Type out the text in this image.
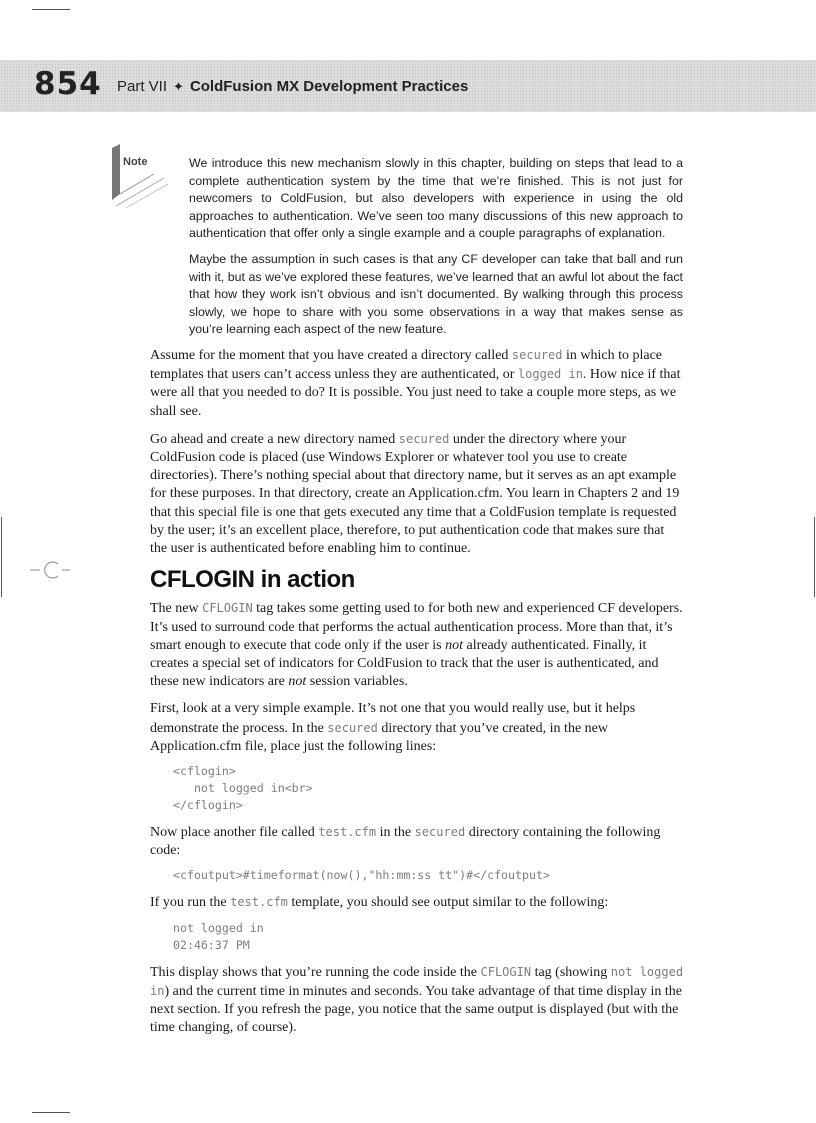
854 Part VII ✦ ColdFusion MX Development Practices
Note	We introduce this new mechanism slowly in this chapter, building on steps that lead to a complete authentication system by the time that we’re finished. This is not just for newcomers to ColdFusion, but also developers with experience in using the old approaches to authentication. We’ve seen too many discussions of this new approach to authentication that offer only a single example and a couple paragraphs of explanation.

Maybe the assumption in such cases is that any CF developer can take that ball and run with it, but as we’ve explored these features, we’ve learned that an awful lot about the fact that how they work isn’t obvious and isn’t documented. By walking through this process slowly, we hope to share with you some observations in a way that makes sense as you’re learning each aspect of the new feature.

Assume for the moment that you have created a directory called secured in which to place templates that users can’t access unless they are authenticated, or logged in. How nice if that were all that you needed to do? It is possible. You just need to take a couple more steps, as we shall see.

Go ahead and create a new directory named secured under the directory where your ColdFusion code is placed (use Windows Explorer or whatever tool you use to create directories). There’s nothing special about that directory name, but it serves as an apt example for these purposes. In that directory, create an Application.cfm. You learn in Chapters 2 and 19 that this special file is one that gets executed any time that a ColdFusion template is requested by the user; it’s an excellent place, therefore, to put authentication code that makes sure that the user is authenticated before enabling him to continue.

CFLOGIN in action

The new CFLOGIN tag takes some getting used to for both new and experienced CF developers. It’s used to surround code that performs the actual authentication process. More than that, it’s smart enough to execute that code only if the user is not already authenticated. Finally, it creates a special set of indicators for ColdFusion to track that the user is authenticated, and these new indicators are not session variables.

First, look at a very simple example. It’s not one that you would really use, but it helps demonstrate the process. In the secured directory that you’ve created, in the new Application.cfm file, place just the following lines:

<cflogin>
not logged in<br>
</cflogin>

Now place another file called test.cfm in the secured directory containing the following code:

<cfoutput>#timeformat(now(),"hh:mm:ss tt")#</cfoutput>

If you run the test.cfm template, you should see output similar to the following:

not logged in
02:46:37 PM

This display shows that you’re running the code inside the CFLOGIN tag (showing not logged in) and the current time in minutes and seconds. You take advantage of that time display in the next section. If you refresh the page, you notice that the same output is displayed (but with the time changing, of course).
